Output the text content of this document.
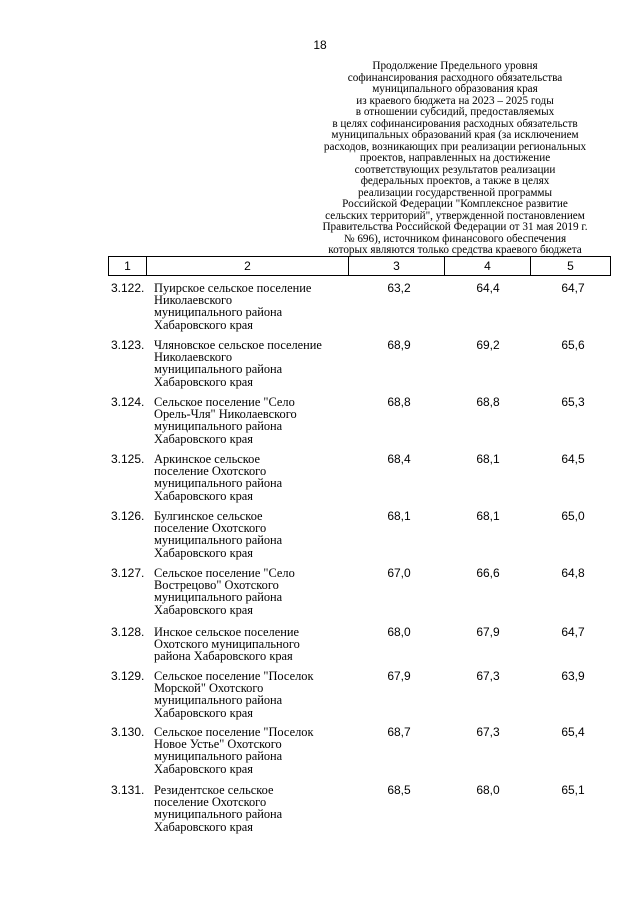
18
Продолжение Предельного уровня
софинансирования расходного обязательства
муниципального образования края
из краевого бюджета на 2023 – 2025 годы
в отношении субсидий, предоставляемых
в целях софинансирования расходных обязательств
муниципальных образований края (за исключением
расходов, возникающих при реализации региональных
проектов, направленных на достижение
соответствующих результатов реализации
федеральных проектов, а также в целях
реализации государственной программы
Российской Федерации "Комплексное развитие
сельских территорий", утвержденной постановлением
Правительства Российской Федерации от 31 мая 2019 г.
№ 696), источником финансового обеспечения
которых являются только средства краевого бюджета
1	2	3	4	5
3.122. Пуирское сельское поселение
Николаевского
муниципального района
Хабаровского края
63,2	64,4	64,7
3.123. Чляновское сельское поселение
Николаевского
муниципального района
Хабаровского края
68,9	69,2	65,6
3.124. Сельское поселение "Село
Орель-Чля" Николаевского
муниципального района
Хабаровского края
68,8	68,8	65,3
3.125. Аркинское сельское
поселение Охотского
муниципального района
Хабаровского края
68,4	68,1	64,5
3.126. Булгинское сельское
поселение Охотского
муниципального района
Хабаровского края
68,1	68,1	65,0
3.127. Сельское поселение "Село
Вострецово" Охотского
муниципального района
Хабаровского края
67,0	66,6	64,8
3.128. Инское сельское поселение
Охотского муниципального
района Хабаровского края
68,0	67,9	64,7
3.129. Сельское поселение "Поселок
Морской" Охотского
муниципального района
Хабаровского края
67,9	67,3	63,9
3.130. Сельское поселение "Поселок
Новое Устье" Охотского
муниципального района
Хабаровского края
68,7	67,3	65,4
3.131. Резидентское сельское
поселение Охотского
муниципального района
Хабаровского края
68,5	68,0	65,1
